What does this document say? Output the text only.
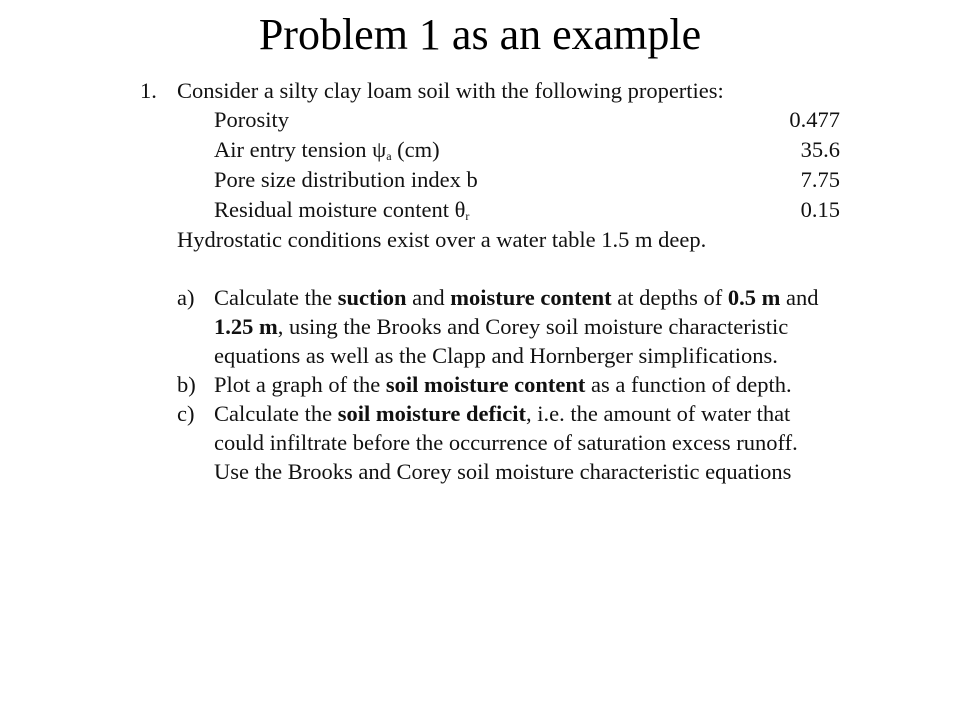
Problem 1 as an example
1. Consider a silty clay loam soil with the following properties:
Porosity	0.477
Air entry tension $\psi_a$ (cm)	35.6
Pore size distribution index b	7.75
Residual moisture content $\theta_r$	0.15
Hydrostatic conditions exist over a water table 1.5 m deep.
a) Calculate the suction and moisture content at depths of 0.5 m and 1.25 m, using the Brooks and Corey soil moisture characteristic equations as well as the Clapp and Hornberger simplifications.
b) Plot a graph of the soil moisture content as a function of depth.
c) Calculate the soil moisture deficit, i.e. the amount of water that could infiltrate before the occurrence of saturation excess runoff. Use the Brooks and Corey soil moisture characteristic equations
